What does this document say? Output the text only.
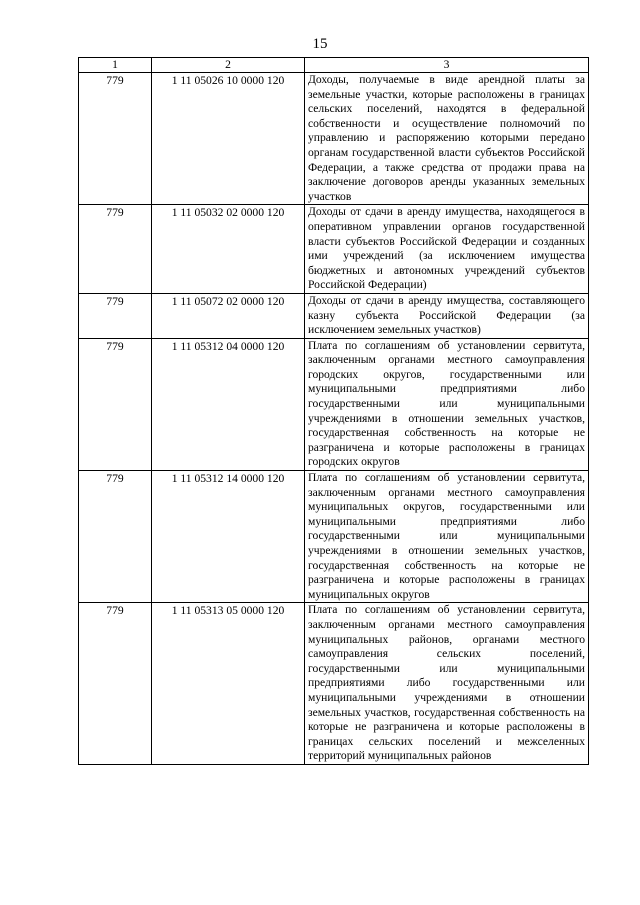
15
1	2	3
779	1 11 05026 10 0000 120	Доходы, получаемые в виде арендной платы за земельные участки, которые расположены в границах сельских поселений, находятся в федеральной собственности и осуществление полномочий по управлению и распоряжению которыми передано органам государственной власти субъектов Российской Федерации, а также средства от продажи права на заключение договоров аренды указанных земельных участков
779	1 11 05032 02 0000 120	Доходы от сдачи в аренду имущества, находящегося в оперативном управлении органов государственной власти субъектов Российской Федерации и созданных ими учреждений (за исключением имущества бюджетных и автономных учреждений субъектов Российской Федерации)
779	1 11 05072 02 0000 120	Доходы от сдачи в аренду имущества, составляющего казну субъекта Российской Федерации (за исключением земельных участков)
779	1 11 05312 04 0000 120	Плата по соглашениям об установлении сервитута, заключенным органами местного самоуправления городских округов, государственными или муниципальными предприятиями либо государственными или муниципальными учреждениями в отношении земельных участков, государственная собственность на которые не разграничена и которые расположены в границах городских округов
779	1 11 05312 14 0000 120	Плата по соглашениям об установлении сервитута, заключенным органами местного самоуправления муниципальных округов, государственными или муниципальными предприятиями либо государственными или муниципальными учреждениями в отношении земельных участков, государственная собственность на которые не разграничена и которые расположены в границах муниципальных округов
779	1 11 05313 05 0000 120	Плата по соглашениям об установлении сервитута, заключенным органами местного самоуправления муниципальных районов, органами местного самоуправления сельских поселений, государственными или муниципальными предприятиями либо государственными или муниципальными учреждениями в отношении земельных участков, государственная собственность на которые не разграничена и которые расположены в границах сельских поселений и межселенных территорий муниципальных районов
